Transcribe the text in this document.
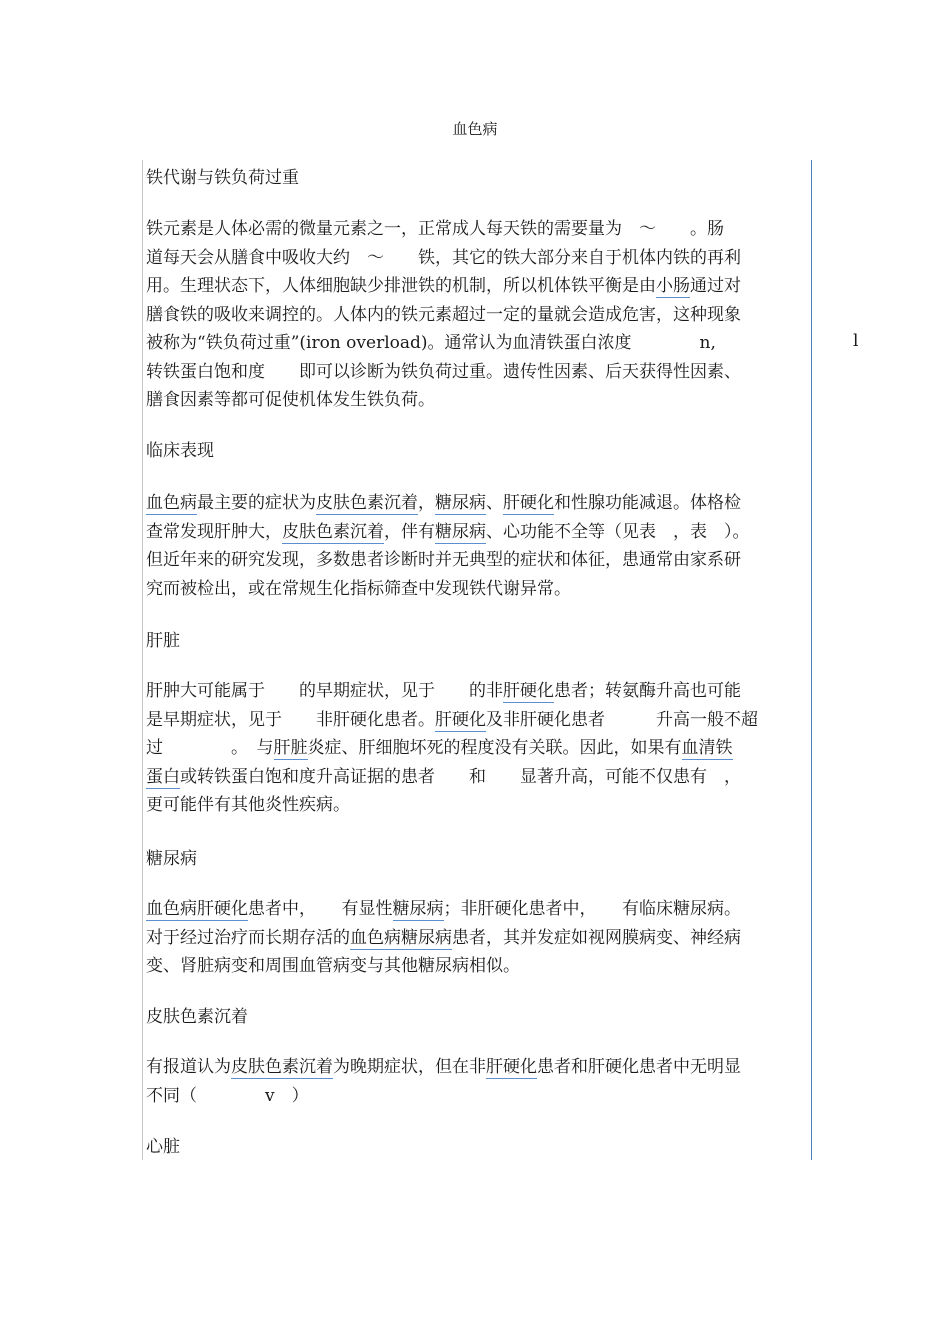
血色病
铁代谢与铁负荷过重
铁元素是人体必需的微量元素之一，正常成人每天铁的需要量为　～　　。肠
道每天会从膳食中吸收大约　～　　铁，其它的铁大部分来自于机体内铁的再利
用。生理状态下，人体细胞缺少排泄铁的机制，所以机体铁平衡是由小肠通过对
膳食铁的吸收来调控的。人体内的铁元素超过一定的量就会造成危害，这种现象
被称为“铁负荷过重”(iron overload)。通常认为血清铁蛋白浓度　　　　n,
转铁蛋白饱和度　　即可以诊断为铁负荷过重。遗传性因素、后天获得性因素、
膳食因素等都可促使机体发生铁负荷。
临床表现
血色病最主要的症状为皮肤色素沉着，糖尿病、肝硬化和性腺功能减退。体格检
查常发现肝肿大，皮肤色素沉着，伴有糖尿病、心功能不全等（见表　，表　）。
但近年来的研究发现，多数患者诊断时并无典型的症状和体征，患通常由家系研
究而被检出，或在常规生化指标筛查中发现铁代谢异常。
肝脏
肝肿大可能属于　　的早期症状，见于　　的非肝硬化患者；转氨酶升高也可能
是早期症状，见于　　非肝硬化患者。肝硬化及非肝硬化患者　　　升高一般不超
过　　　　。　与肝脏炎症、肝细胞坏死的程度没有关联。因此，如果有血清铁
蛋白或转铁蛋白饱和度升高证据的患者　　和　　显著升高，可能不仅患有　，
更可能伴有其他炎性疾病。
糖尿病
血色病肝硬化患者中，　　有显性糖尿病；非肝硬化患者中，　　有临床糖尿病。
对于经过治疗而长期存活的血色病糖尿病患者，其并发症如视网膜病变、神经病
变、肾脏病变和周围血管病变与其他糖尿病相似。
皮肤色素沉着
有报道认为皮肤色素沉着为晚期症状，但在非肝硬化患者和肝硬化患者中无明显
不同（　　　　v　）
心脏
l
